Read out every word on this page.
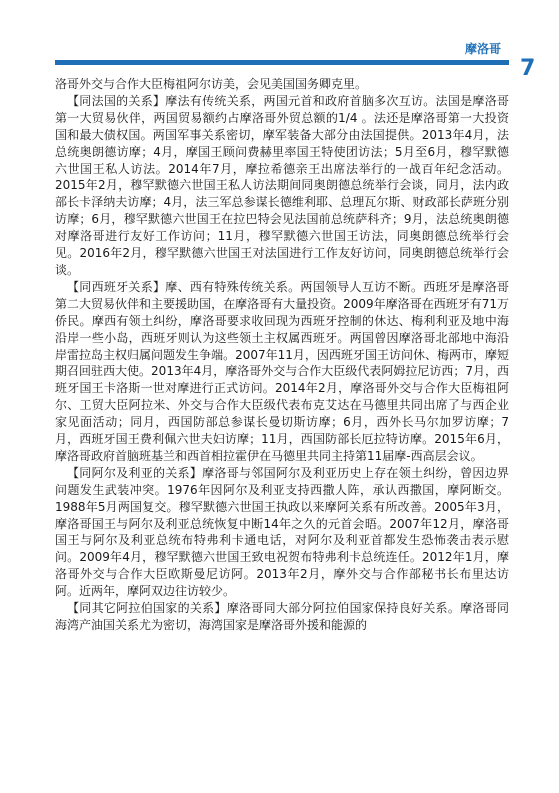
摩洛哥
7

洛哥外交与合作大臣梅祖阿尔访美，会见美国国务卿克里。

【同法国的关系】摩法有传统关系，两国元首和政府首脑多次互访。法国是摩洛哥第一大贸易伙伴，两国贸易额约占摩洛哥外贸总额的1/4 。法还是摩洛哥第一大投资国和最大债权国。两国军事关系密切，摩军装备大部分由法国提供。2013年4月，法总统奥朗德访摩；4月，摩国王顾问费赫里率国王特使团访法；5月至6月，穆罕默德六世国王私人访法。2014年7月，摩拉希德亲王出席法举行的一战百年纪念活动。2015年2月，穆罕默德六世国王私人访法期间同奥朗德总统举行会谈，同月，法内政部长卡泽纳夫访摩；4月，法三军总参谋长德维利耶、总理瓦尔斯、财政部长萨班分别访摩；6月，穆罕默德六世国王在拉巴特会见法国前总统萨科齐；9月，法总统奥朗德对摩洛哥进行友好工作访问；11月，穆罕默德六世国王访法，同奥朗德总统举行会见。2016年2月，穆罕默德六世国王对法国进行工作友好访问，同奥朗德总统举行会谈。

【同西班牙关系】摩、西有特殊传统关系。两国领导人互访不断。西班牙是摩洛哥第二大贸易伙伴和主要援助国，在摩洛哥有大量投资。2009年摩洛哥在西班牙有71万侨民。摩西有领土纠纷，摩洛哥要求收回现为西班牙控制的休达、梅利利亚及地中海沿岸一些小岛，西班牙则认为这些领土主权属西班牙。两国曾因摩洛哥北部地中海沿岸雷拉岛主权归属问题发生争端。2007年11月，因西班牙国王访问休、梅两市，摩短期召回驻西大使。2013年4月，摩洛哥外交与合作大臣级代表阿姆拉尼访西；7月，西班牙国王卡洛斯一世对摩进行正式访问。2014年2月，摩洛哥外交与合作大臣梅祖阿尔、工贸大臣阿拉米、外交与合作大臣级代表布克艾达在马德里共同出席了与西企业家见面活动；同月，西国防部总参谋长曼切斯访摩；6月，西外长马尔加罗访摩；7月，西班牙国王费利佩六世夫妇访摩；11月，西国防部长厄拉特访摩。2015年6月，摩洛哥政府首脑班基兰和西首相拉霍伊在马德里共同主持第11届摩-西高层会议。

【同阿尔及利亚的关系】摩洛哥与邻国阿尔及利亚历史上存在领土纠纷，曾因边界问题发生武装冲突。1976年因阿尔及利亚支持西撒人阵，承认西撒国，摩阿断交。1988年5月两国复交。穆罕默德六世国王执政以来摩阿关系有所改善。2005年3月，摩洛哥国王与阿尔及利亚总统恢复中断14年之久的元首会晤。2007年12月，摩洛哥国王与阿尔及利亚总统布特弗利卡通电话，对阿尔及利亚首都发生恐怖袭击表示慰问。2009年4月，穆罕默德六世国王致电祝贺布特弗利卡总统连任。2012年1月，摩洛哥外交与合作大臣欧斯曼尼访阿。2013年2月，摩外交与合作部秘书长布里达访阿。近两年，摩阿双边往访较少。

【同其它阿拉伯国家的关系】摩洛哥同大部分阿拉伯国家保持良好关系。摩洛哥同海湾产油国关系尤为密切，海湾国家是摩洛哥外援和能源的
